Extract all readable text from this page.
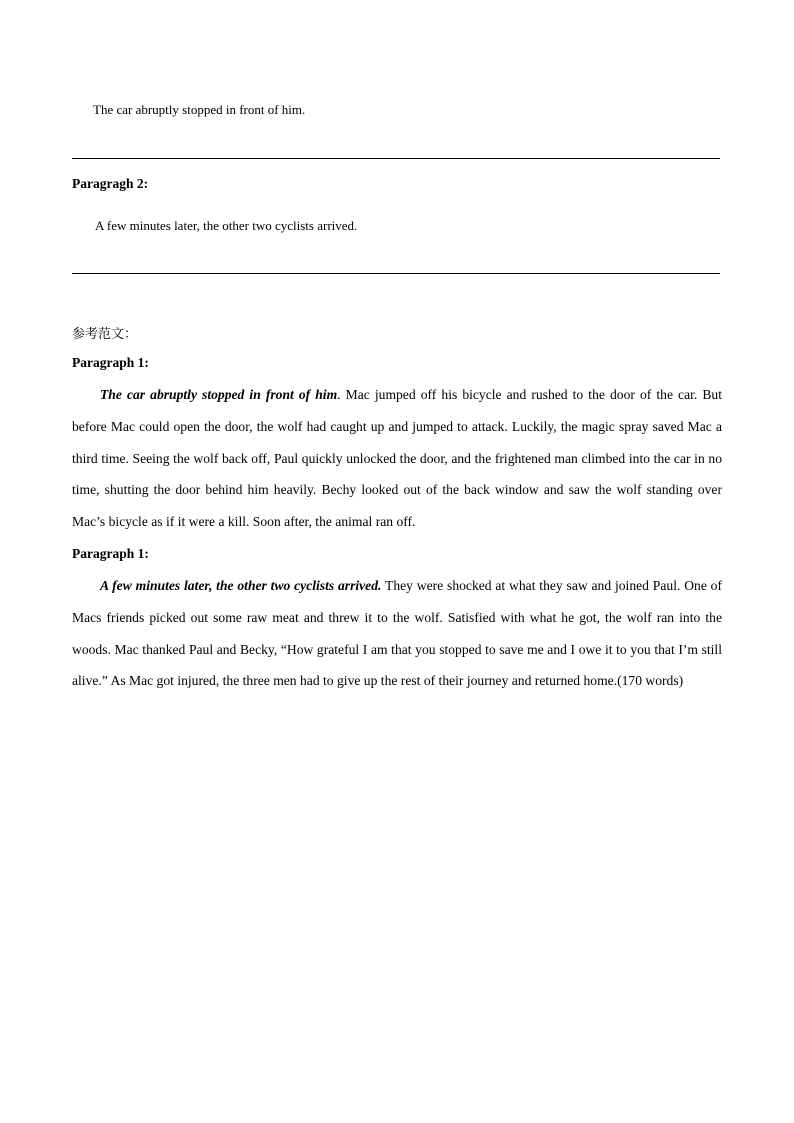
The car abruptly stopped in front of him.

Paragragh 2:

A few minutes later, the other two cyclists arrived.

参考范文：

Paragraph 1:

The car abruptly stopped in front of him. Mac jumped off his bicycle and rushed to the door of the car. But before Mac could open the door, the wolf had caught up and jumped to attack. Luckily, the magic spray saved Mac a third time. Seeing the wolf back off, Paul quickly unlocked the door, and the frightened man climbed into the car in no time, shutting the door behind him heavily. Bechy looked out of the back window and saw the wolf standing over Mac’s bicycle as if it were a kill. Soon after, the animal ran off.

Paragraph 1:

A few minutes later, the other two cyclists arrived. They were shocked at what they saw and joined Paul. One of Macs friends picked out some raw meat and threw it to the wolf. Satisfied with what he got, the wolf ran into the woods. Mac thanked Paul and Becky, “How grateful I am that you stopped to save me and I owe it to you that I’m still alive.” As Mac got injured, the three men had to give up the rest of their journey and returned home.(170 words)
